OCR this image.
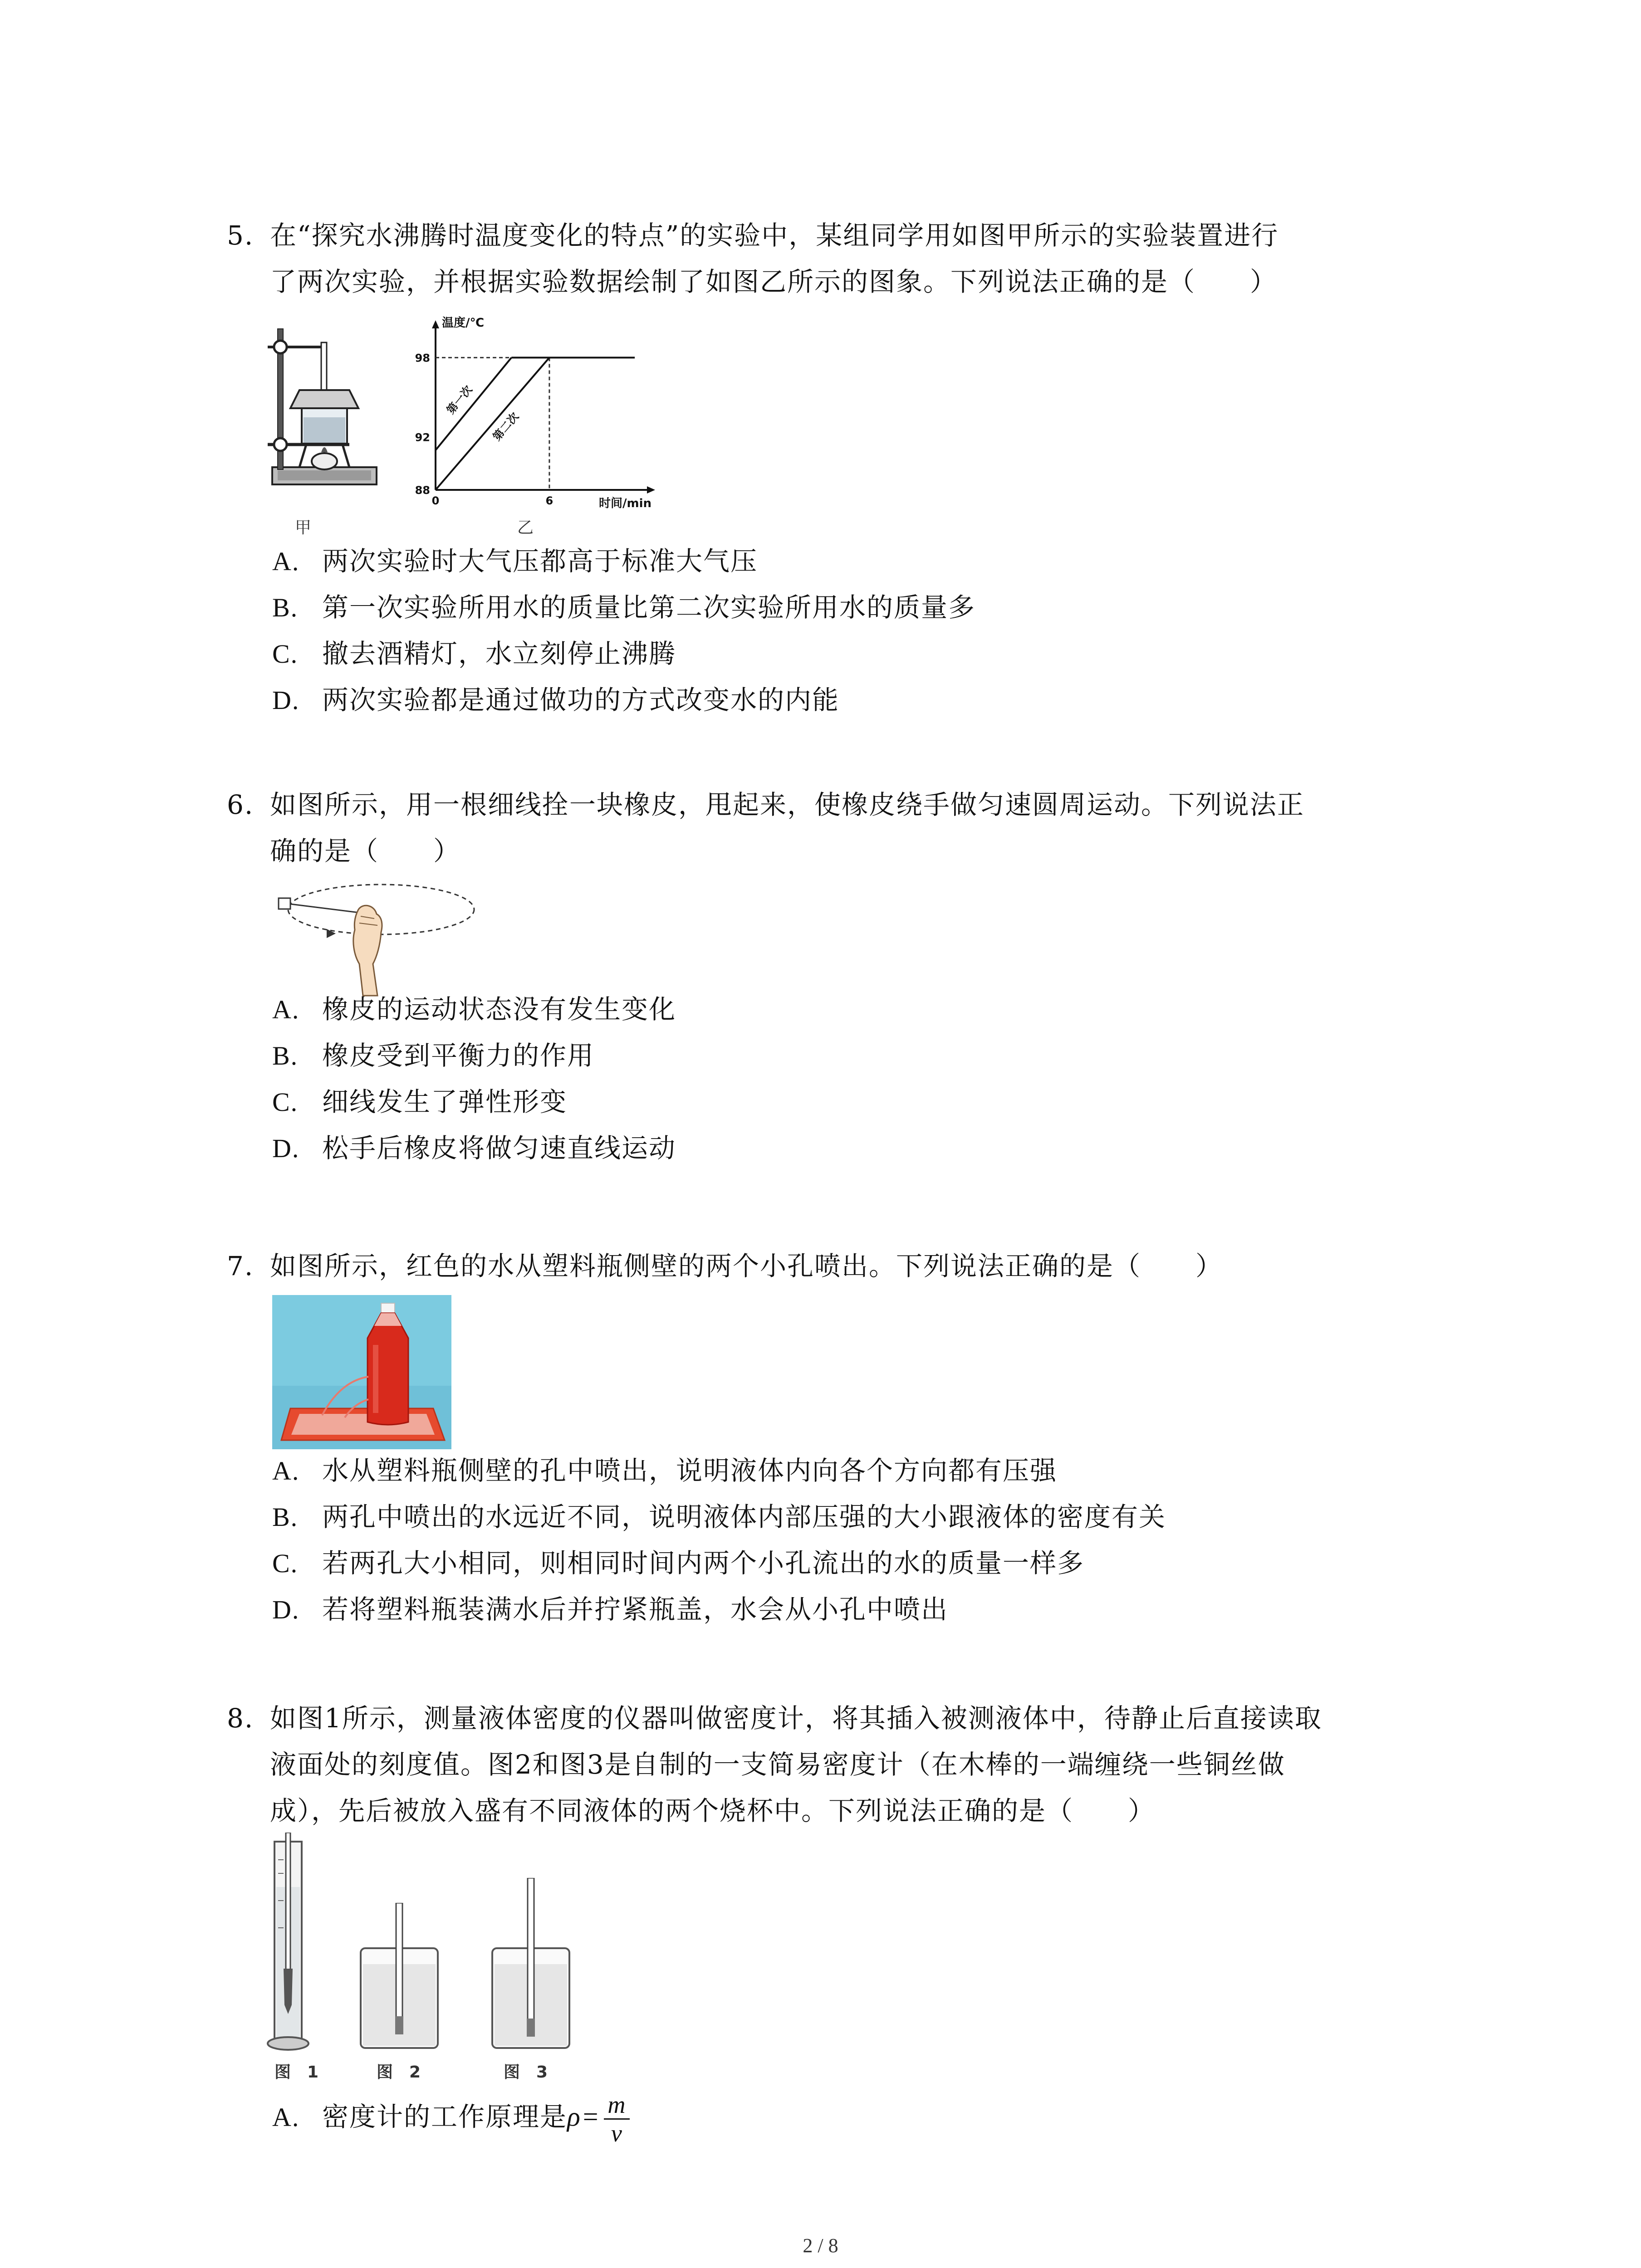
5. 在“探究水沸腾时温度变化的特点”的实验中，某组同学用如图甲所示的实验装置进行
了两次实验，并根据实验数据绘制了如图乙所示的图象。下列说法正确的是（　　）

甲
温度/℃
时间/min
98
92
88
0	6
第一次
第二次
乙
A. 两次实验时大气压都高于标准大气压
B. 第一次实验所用水的质量比第二次实验所用水的质量多
C. 撤去酒精灯，水立刻停止沸腾
D. 两次实验都是通过做功的方式改变水的内能

6. 如图所示，用一根细线拴一块橡皮，甩起来，使橡皮绕手做匀速圆周运动。下列说法正
确的是（　　）

A. 橡皮的运动状态没有发生变化
B. 橡皮受到平衡力的作用
C. 细线发生了弹性形变
D. 松手后橡皮将做匀速直线运动

7. 如图所示，红色的水从塑料瓶侧壁的两个小孔喷出。下列说法正确的是（　　）

A. 水从塑料瓶侧壁的孔中喷出，说明液体内向各个方向都有压强
B. 两孔中喷出的水远近不同，说明液体内部压强的大小跟液体的密度有关
C. 若两孔大小相同，则相同时间内两个小孔流出的水的质量一样多
D. 若将塑料瓶装满水后并拧紧瓶盖，水会从小孔中喷出

8. 如图1所示，测量液体密度的仪器叫做密度计，将其插入被测液体中，待静止后直接读取
液面处的刻度值。图2和图3是自制的一支简易密度计（在木棒的一端缠绕一些铜丝做
成），先后被放入盛有不同液体的两个烧杯中。下列说法正确的是（　　）

图　1	图　2	图　3
A. 密度计的工作原理是$\rho= \frac{m}{v}$
2 / 8
